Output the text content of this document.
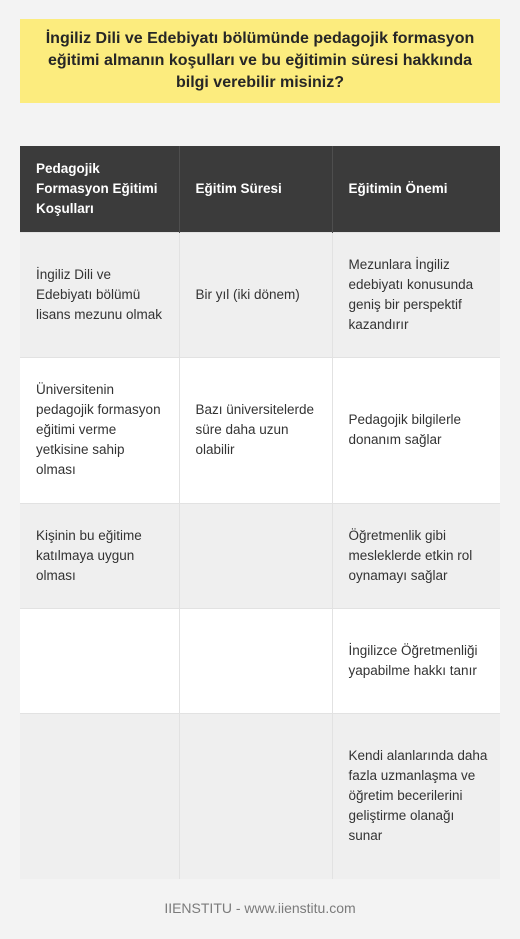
İngiliz Dili ve Edebiyatı bölümünde pedagojik formasyon eğitimi almanın koşulları ve bu eğitimin süresi hakkında bilgi verebilir misiniz?
Pedagojik Formasyon Eğitimi Koşulları	Eğitim Süresi	Eğitimin Önemi
İngiliz Dili ve Edebiyatı bölümü lisans mezunu olmak	Bir yıl (iki dönem)	Mezunlara İngiliz edebiyatı konusunda geniş bir perspektif kazandırır
Üniversitenin pedagojik formasyon eğitimi verme yetkisine sahip olması	Bazı üniversitelerde süre daha uzun olabilir	Pedagojik bilgilerle donanım sağlar
Kişinin bu eğitime katılmaya uygun olması		Öğretmenlik gibi mesleklerde etkin rol oynamayı sağlar
		İngilizce Öğretmenliği yapabilme hakkı tanır
		Kendi alanlarında daha fazla uzmanlaşma ve öğretim becerilerini geliştirme olanağı sunar
IIENSTITU - www.iienstitu.com
